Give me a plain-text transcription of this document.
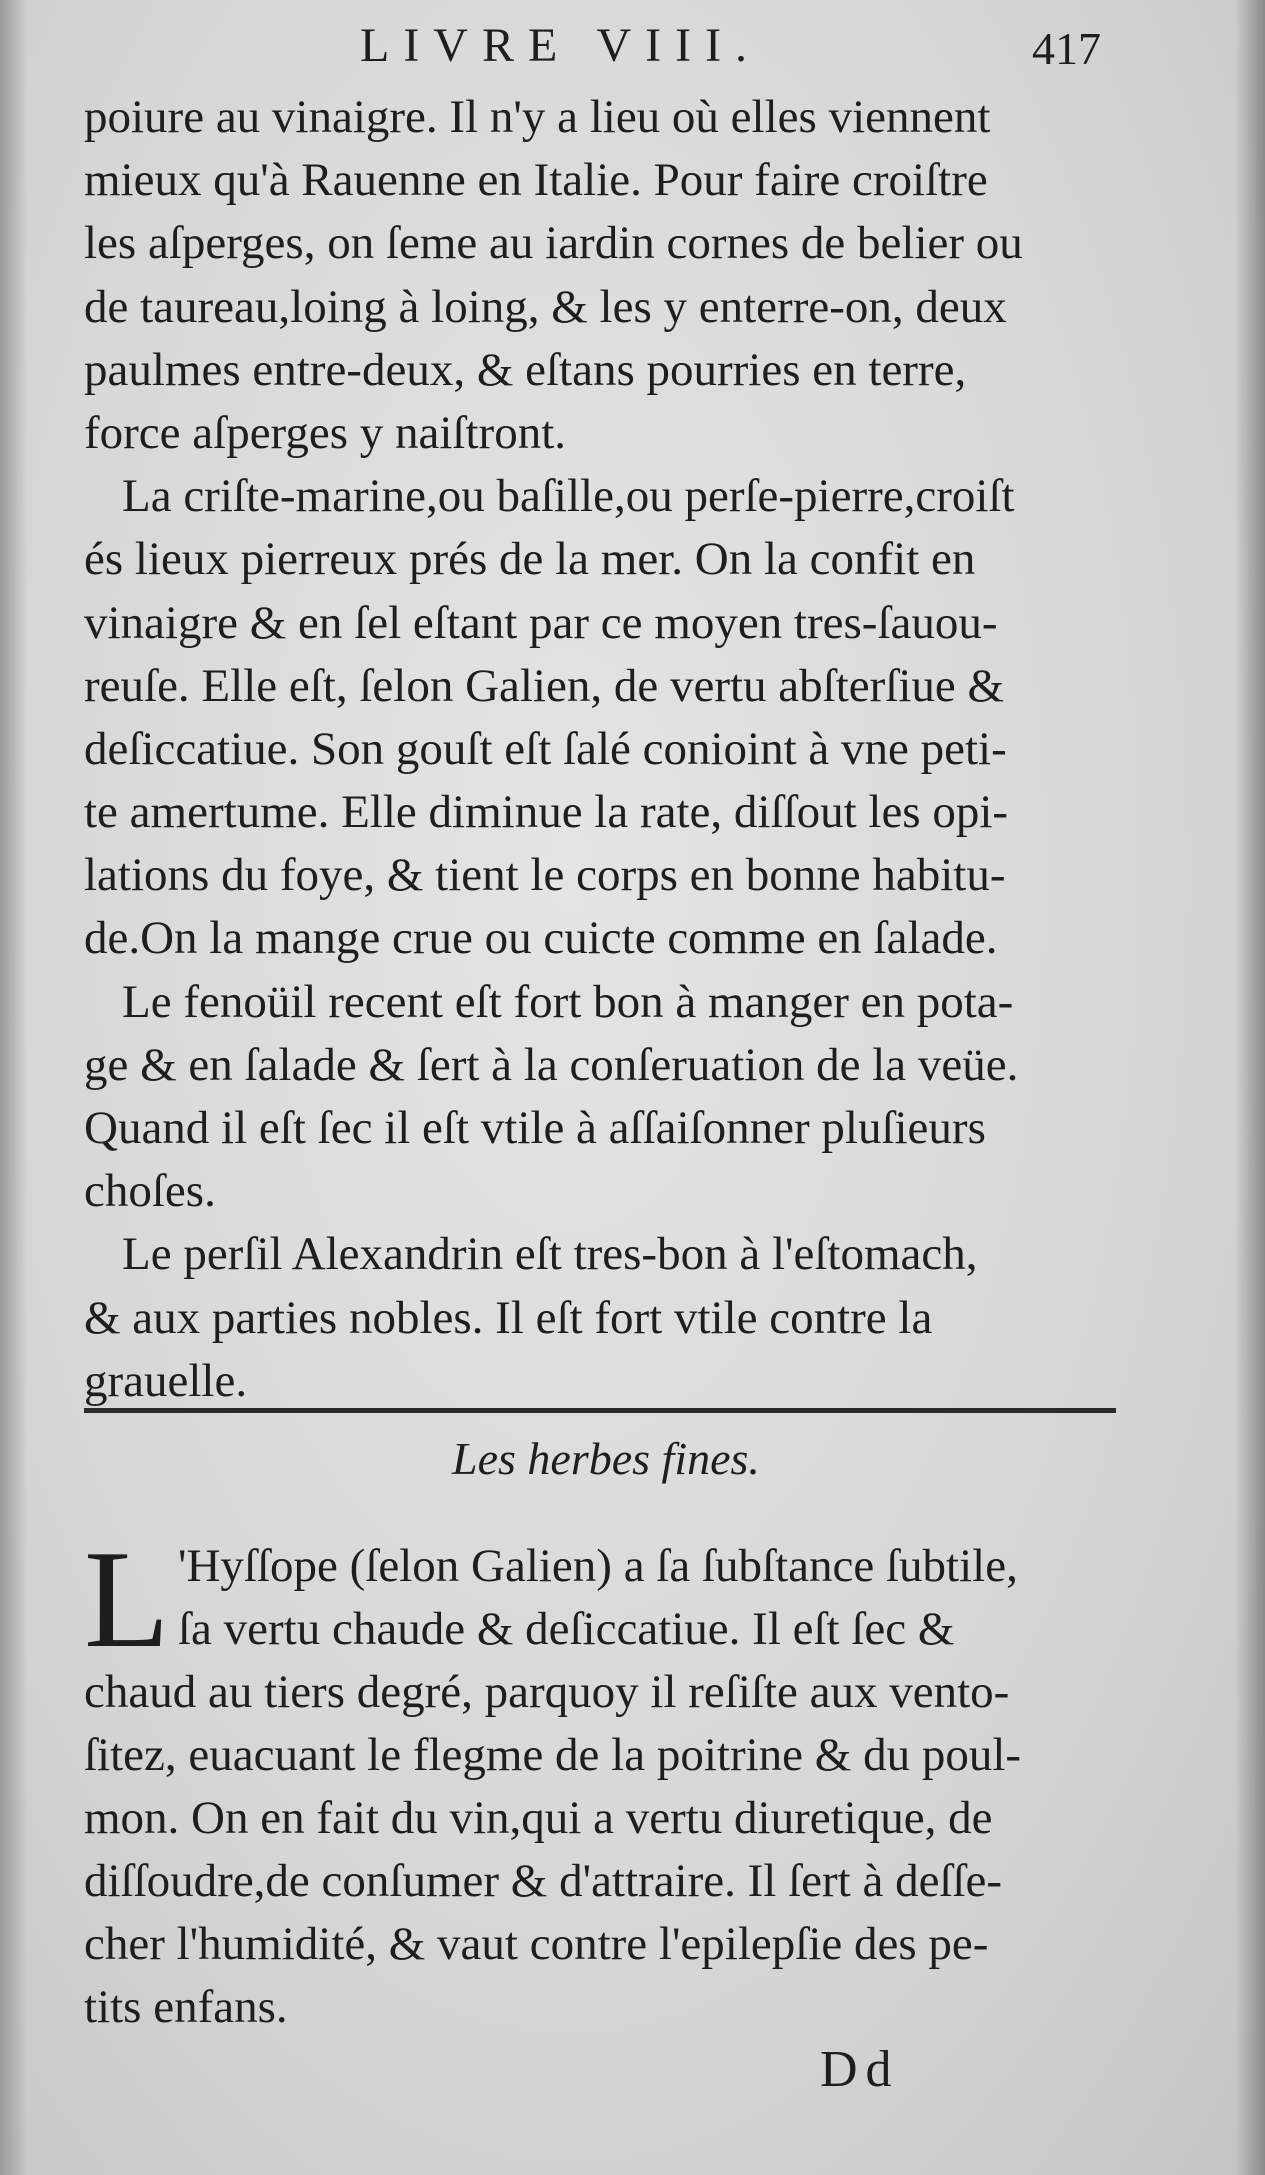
LIVRE VIII.	417

poiure au vinaigre. Il n'y a lieu où elles viennent

mieux qu'à Rauenne en Italie. Pour faire croiſtre

les aſperges, on ſeme au iardin cornes de belier ou

de taureau,loing à loing, & les y enterre-on, deux

paulmes entre-deux, & eſtans pourries en terre,

force aſperges y naiſtront.

La criſte-marine,ou baſille,ou perſe-pierre,croiſt

és lieux pierreux prés de la mer. On la confit en

vinaigre & en ſel eſtant par ce moyen tres-ſauou-

reuſe. Elle eſt, ſelon Galien, de vertu abſterſiue &

deſiccatiue. Son gouſt eſt ſalé conioint à vne peti-

te amertume. Elle diminue la rate, diſſout les opi-

lations du foye, & tient le corps en bonne habitu-

de.On la mange crue ou cuicte comme en ſalade.

Le fenoüil recent eſt fort bon à manger en pota-

ge & en ſalade & ſert à la conſeruation de la veüe.

Quand il eſt ſec il eſt vtile à aſſaiſonner pluſieurs

choſes.

Le perſil Alexandrin eſt tres-bon à l'eſtomach,

& aux parties nobles. Il eſt fort vtile contre la

grauelle.

Les herbes fines.

L 'Hyſſope (ſelon Galien) a ſa ſubſtance ſubtile,

ſa vertu chaude & deſiccatiue. Il eſt ſec &

chaud au tiers degré, parquoy il reſiſte aux vento-

ſitez, euacuant le flegme de la poitrine & du poul-

mon. On en fait du vin,qui a vertu diuretique, de

diſſoudre,de conſumer & d'attraire. Il ſert à deſſe-

cher l'humidité, & vaut contre l'epilepſie des pe-

tits enfans.

Dd
